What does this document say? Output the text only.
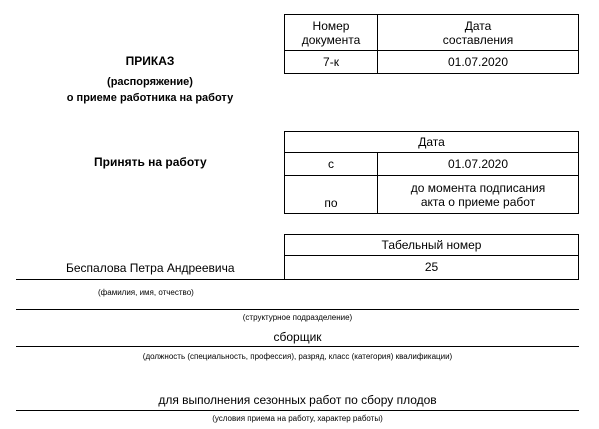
Номер
документа
Дата
составления
7-к	01.07.2020
ПРИКАЗ
(распоряжение)
о приеме работника на работу
Принять на работу
Дата
с	01.07.2020
по
до момента подписания
акта о приеме работ
Табельный номер
25
Беспалова Петра Андреевича
(фамилия, имя, отчество)
(структурное подразделение)
сборщик
(должность (специальность, профессия), разряд, класс (категория) квалификации)
для выполнения сезонных работ по сбору плодов
(условия приема на работу, характер работы)
